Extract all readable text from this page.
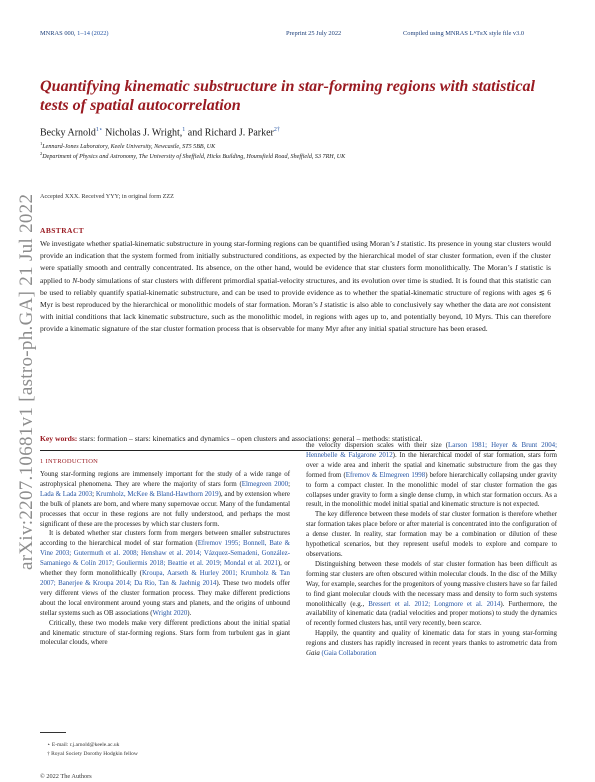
MNRAS 000, 1–14 (2022)	Preprint 25 July 2022	Compiled using MNRAS LᴬTᴇX style file v3.0
arXiv:2207.10681v1 [astro-ph.GA] 21 Jul 2022
Quantifying kinematic substructure in star-forming regions with statistical tests of spatial autocorrelation
Becky Arnold$^{1⋆}$ Nicholas J. Wright,$^1$ and Richard J. Parker$^{2\dagger}$
$^1$Lennard-Jones Laboratory, Keele University, Newcastle, ST5 5BB, UK
$^2$Department of Physics and Astronomy, The University of Sheffield, Hicks Building, Hounsfield Road, Sheffield, S3 7RH, UK
Accepted XXX. Received YYY; in original form ZZZ
ABSTRACT

We investigate whether spatial-kinematic substructure in young star-forming regions can be quantified using Moran’s I statistic. Its presence in young star clusters would provide an indication that the system formed from initially substructured conditions, as expected by the hierarchical model of star cluster formation, even if the cluster were spatially smooth and centrally concentrated. Its absence, on the other hand, would be evidence that star clusters form monolithically. The Moran’s I statistic is applied to N-body simulations of star clusters with different primordial spatial-velocity structures, and its evolution over time is studied. It is found that this statistic can be used to reliably quantify spatial-kinematic substructure, and can be used to provide evidence as to whether the spatial-kinematic structure of regions with ages ≲ 6 Myr is best reproduced by the hierarchical or monolithic models of star formation. Moran’s I statistic is also able to conclusively say whether the data are not consistent with initial conditions that lack kinematic substructure, such as the monolithic model, in regions with ages up to, and potentially beyond, 10 Myrs. This can therefore provide a kinematic signature of the star cluster formation process that is observable for many Myr after any initial spatial structure has been erased.

Key words: stars: formation – stars: kinematics and dynamics – open clusters and associations: general – methods: statistical.
1 INTRODUCTION

Young star-forming regions are immensely important for the study of a wide range of astrophysical phenomena. They are where the majority of stars form (Elmegreen 2000; Lada & Lada 2003; Krumholz, McKee & Bland-Hawthorn 2019), and by extension where the bulk of planets are born, and where many supernovae occur. Many of the fundamental processes that occur in these regions are not fully understood, and perhaps the most significant of these are the processes by which star clusters form.

It is debated whether star clusters form from mergers between smaller substructures according to the hierarchical model of star formation (Efremov 1995; Bonnell, Bate & Vine 2003; Gutermuth et al. 2008; Henshaw et al. 2014; Vázquez-Semadeni, González-Samaniego & Colín 2017; Gouliermis 2018; Beattie et al. 2019; Mondal et al. 2021), or whether they form monolithically (Kroupa, Aarseth & Hurley 2001; Krumholz & Tan 2007; Banerjee & Kroupa 2014; Da Rio, Tan & Jaehnig 2014). These two models offer very different views of the cluster formation process. They make different predictions about the local environment around young stars and planets, and the origins of unbound stellar systems such as OB associations (Wright 2020).

Critically, these two models make very different predictions about the initial spatial and kinematic structure of star-forming regions. Stars form from turbulent gas in giant molecular clouds, where

the velocity dispersion scales with their size (Larson 1981; Heyer & Brunt 2004; Hennebelle & Falgarone 2012). In the hierarchical model of star formation, stars form over a wide area and inherit the spatial and kinematic substructure from the gas they formed from (Efremov & Elmegreen 1998) before hierarchically collapsing under gravity to form a compact cluster. In the monolithic model of star cluster formation the gas collapses under gravity to form a single dense clump, in which star formation occurs. As a result, in the monolithic model initial spatial and kinematic structure is not expected.

The key difference between these models of star cluster formation is therefore whether star formation takes place before or after material is concentrated into the configuration of a dense cluster. In reality, star formation may be a combination or dilution of these hypothetical scenarios, but they represent useful models to explore and compare to observations.

Distinguishing between these models of star cluster formation has been difficult as forming star clusters are often obscured within molecular clouds. In the disc of the Milky Way, for example, searches for the progenitors of young massive clusters have so far failed to find giant molecular clouds with the necessary mass and density to form such systems monolithically (e.g., Bressert et al. 2012; Longmore et al. 2014). Furthermore, the availability of kinematic data (radial velocities and proper motions) to study the dynamics of recently formed clusters has, until very recently, been scarce.

Happily, the quantity and quality of kinematic data for stars in young star-forming regions and clusters has rapidly increased in recent years thanks to astrometric data from Gaia (Gaia Collaboration

⋆ E-mail: r.j.arnold@keele.ac.uk
† Royal Society Dorothy Hodgkin fellow
© 2022 The Authors
